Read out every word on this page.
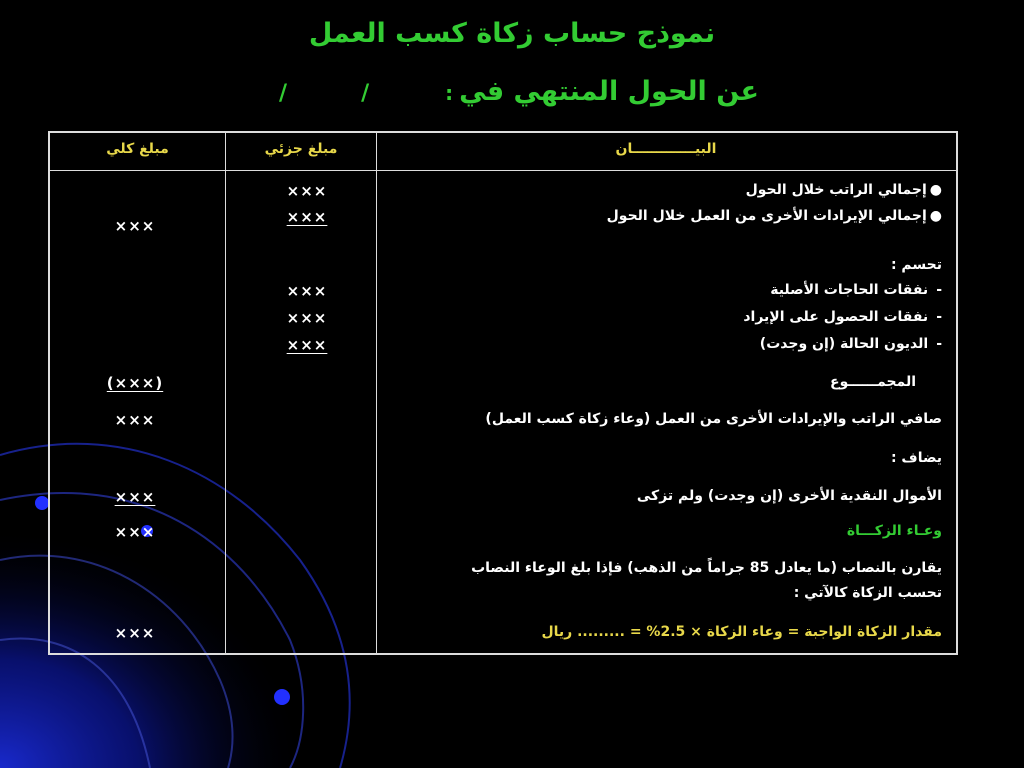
نموذج حساب زكاة كسب العمل
عن الحول المنتهي في://
البيـــــــــــــان
مبلغ جزئي
مبلغ كلي
●إجمالي الراتب خلال الحول
●إجمالي الإيرادات الأخرى من العمل خلال الحول
تحسم :
-نفقات الحاجات الأصلية
-نفقات الحصول على الإيراد
-الديون الحالة (إن وجدت)
المجمــــــوع
صافي الراتب والإيرادات الأخرى من العمل (وعاء زكاة كسب العمل)
يضاف :
الأموال النقدية الأخرى (إن وجدت) ولم تزكى
وعـاء الزكـــاة
يقارن بالنصاب (ما يعادل 85 جراماً من الذهب) فإذا بلغ الوعاء النصاب
تحسب الزكاة كالآتي :
مقدار الزكاة الواجبة = وعاء الزكاة × 2.5% = ......... ريال
×××
×××
×××
×××
×××
×××
(×××)
×××
×××
×××
×××
